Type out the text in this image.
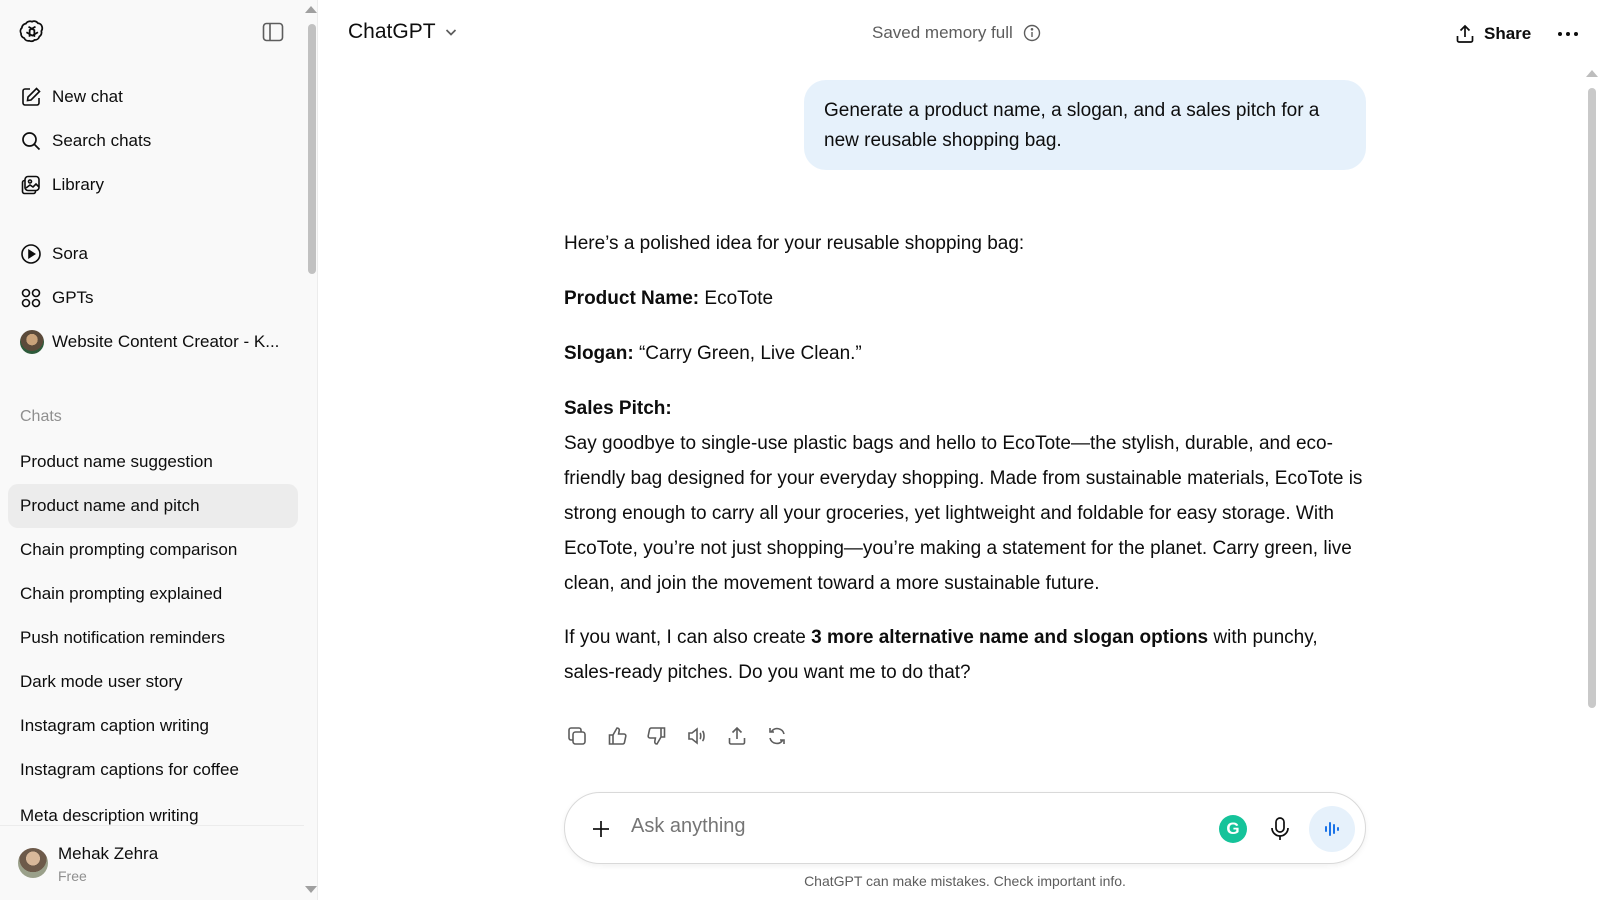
New chat
Search chats
Library
Sora
GPTs
Website Content Creator - K...
Chats
Product name suggestion
Product name and pitch
Chain prompting comparison
Chain prompting explained
Push notification reminders
Dark mode user story
Instagram caption writing
Instagram captions for coffee
Meta description writing
Mehak Zehra
Free
ChatGPT	Saved memory full	Share
Generate a product name, a slogan, and a sales pitch for a new reusable shopping bag.
Here’s a polished idea for your reusable shopping bag:
Product Name: EcoTote
Slogan: “Carry Green, Live Clean.”
Sales Pitch:
Say goodbye to single-use plastic bags and hello to EcoTote—the stylish, durable, and eco-friendly bag designed for your everyday shopping. Made from sustainable materials, EcoTote is strong enough to carry all your groceries, yet lightweight and foldable for easy storage. With EcoTote, you’re not just shopping—you’re making a statement for the planet. Carry green, live clean, and join the movement toward a more sustainable future.
If you want, I can also create 3 more alternative name and slogan options with punchy, sales-ready pitches. Do you want me to do that?
Ask anything
G
ChatGPT can make mistakes. Check important info.
